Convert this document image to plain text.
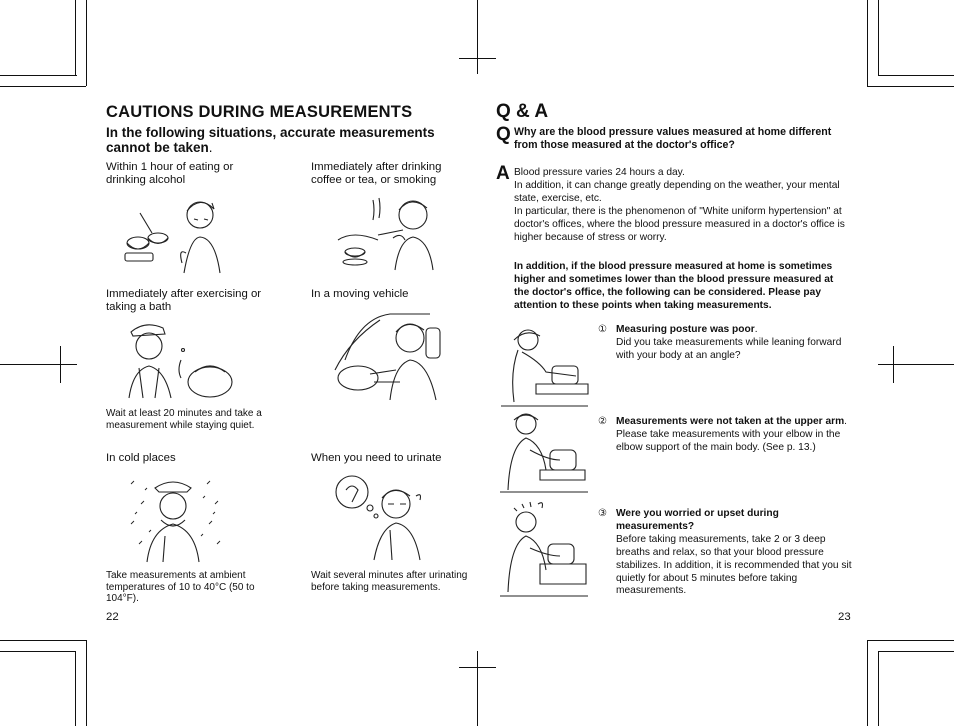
CAUTIONS DURING MEASUREMENTS
In the following situations, accurate measurements cannot be taken.
Within 1 hour of eating or drinking alcohol
Immediately after drinking coffee or tea, or smoking
Immediately after exercising or taking a bath
Wait at least 20 minutes and take a measurement while staying quiet.
In a moving vehicle
In cold places
Take measurements at ambient temperatures of 10 to 40°C (50 to 104°F).
When you need to urinate
Wait several minutes after urinating before taking measurements.
22
Q & A
Q Why are the blood pressure values measured at home different from those measured at the doctor's office?
A Blood pressure varies 24 hours a day.
In addition, it can change greatly depending on the weather, your mental state, exercise, etc.
In particular, there is the phenomenon of "White uniform hypertension" at doctor's offices, where the blood pressure measured in a doctor's office is higher because of stress or worry.
In addition, if the blood pressure measured at home is sometimes higher and sometimes lower than the blood pressure measured at the doctor's office, the following can be considered. Please pay attention to these points when taking measurements.
① Measuring posture was poor.
Did you take measurements while leaning forward with your body at an angle?
② Measurements were not taken at the upper arm.
Please take measurements with your elbow in the elbow support of the main body. (See p. 13.)
③ Were you worried or upset during measurements?
Before taking measurements, take 2 or 3 deep breaths and relax, so that your blood pressure stabilizes. In addition, it is recommended that you sit quietly for about 5 minutes before taking measurements.
23
